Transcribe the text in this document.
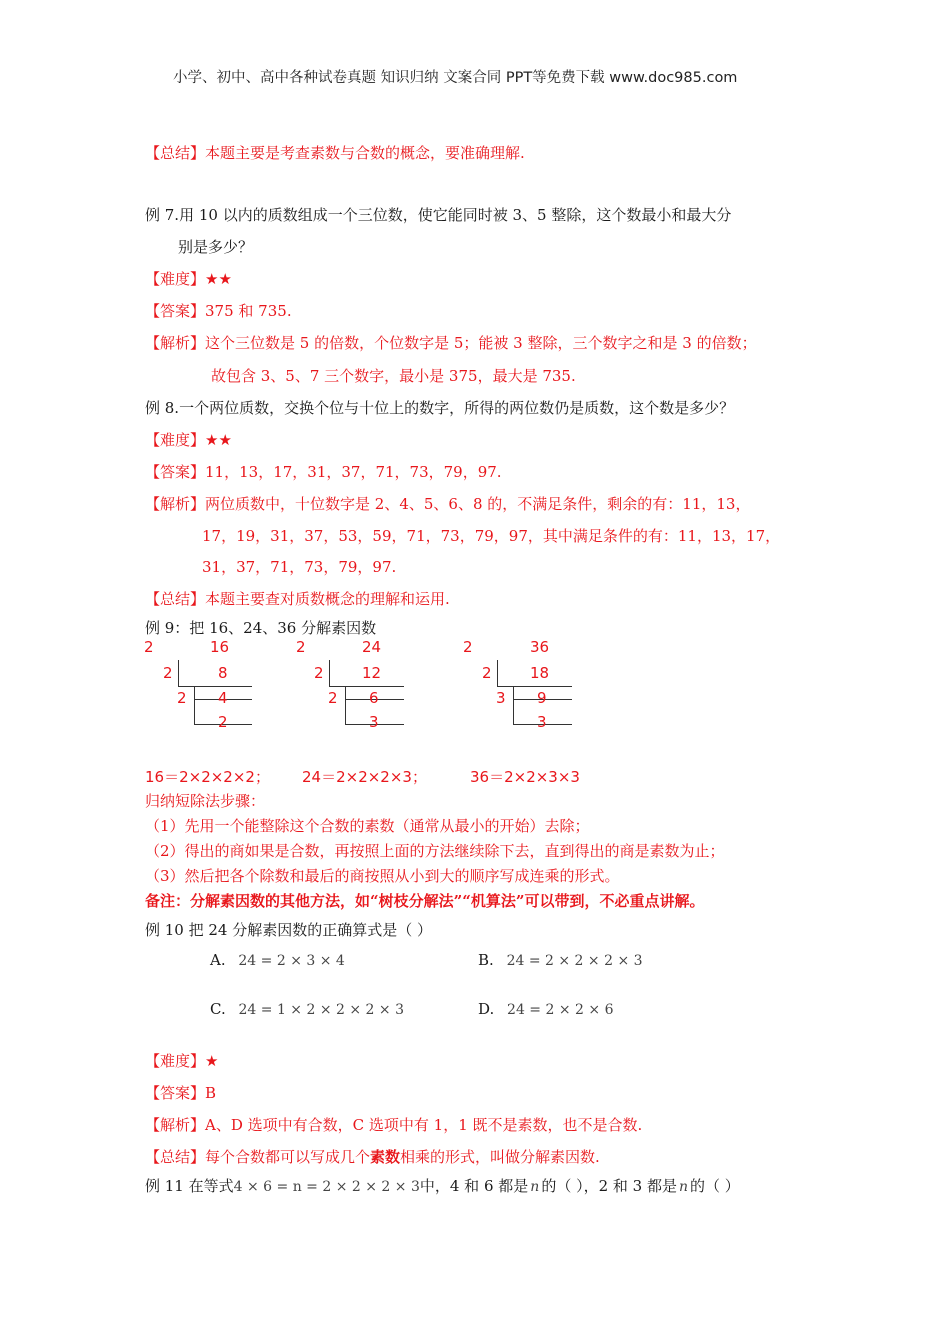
小学、初中、高中各种试卷真题 知识归纳 文案合同 PPT等免费下载 www.doc985.com
【总结】本题主要是考查素数与合数的概念，要准确理解.
例 7.用 10 以内的质数组成一个三位数，使它能同时被 3、5 整除，这个数最小和最大分
别是多少？
【难度】★★
【答案】375 和 735.
【解析】这个三位数是 5 的倍数，个位数字是 5；能被 3 整除，三个数字之和是 3 的倍数；
故包含 3、5、7 三个数字，最小是 375，最大是 735.
例 8.一个两位质数，交换个位与十位上的数字，所得的两位数仍是质数，这个数是多少？
【难度】★★
【答案】11，13，17，31，37，71，73，79，97.
【解析】两位质数中，十位数字是 2、4、5、6、8 的，不满足条件，剩余的有：11，13，
17，19，31，37，53，59，71，73，79，97，其中满足条件的有：11，13，17，
31，37，71，73，79，97.
【总结】本题主要查对质数概念的理解和运用.
例 9：把 16、24、36 分解素因数
2	16
2	8
2 4
2
2	24
2	12
2 6
3
2	36
2	18
3 9
3
16＝2×2×2×2； 24＝2×2×2×3；	36＝2×2×3×3
归纳短除法步骤：
（1）先用一个能整除这个合数的素数（通常从最小的开始）去除；
（2）得出的商如果是合数，再按照上面的方法继续除下去，直到得出的商是素数为止；
（3）然后把各个除数和最后的商按照从小到大的顺序写成连乘的形式。
备注：分解素因数的其他方法，如“树枝分解法”“机算法”可以带到，不必重点讲解。
例 10 把 24 分解素因数的正确算式是（ ）
A. 24 = 2 × 3 × 4	B. 24 = 2 × 2 × 2 × 3
C. 24 = 1 × 2 × 2 × 2 × 3	D. 24 = 2 × 2 × 6
【难度】★
【答案】B
【解析】A、D 选项中有合数，C 选项中有 1，1 既不是素数，也不是合数.
【总结】每个合数都可以写成几个素数相乘的形式，叫做分解素因数.
例 11 在等式4 × 6 = n = 2 × 2 × 2 × 3中，4 和 6 都是 n 的（ ），2 和 3 都是 n 的（ ）
